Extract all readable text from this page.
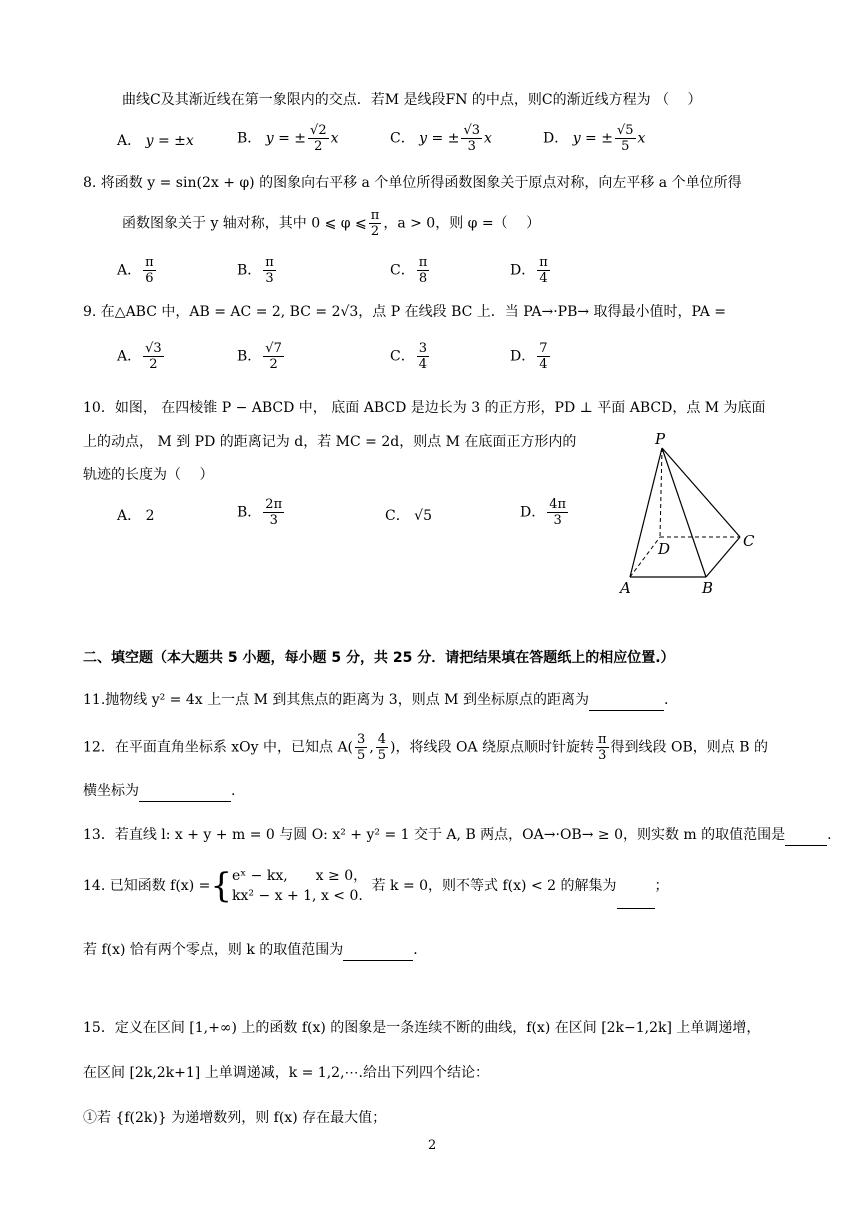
曲线C及其渐近线在第一象限内的交点．若M 是线段FN 的中点，则C的渐近线方程为 （　 ）
A． y = ±x	B． y = ± $\frac{√2}{2}$ x	C． y = ± $\frac{√3}{3}$ x	D． y = ± $\frac{√5}{5}$ x
8. 将函数 y = sin(2x + φ) 的图象向右平移 a 个单位所得函数图象关于原点对称，向左平移 a 个单位所得
函数图象关于 y 轴对称，其中 0 ⩽ φ ⩽ $\frac{\pi}{2}$ ，a > 0，则 φ =（　 ）
A． $\frac{\pi}{6}$	B． $\frac{\pi}{3}$	C． $\frac{\pi}{8}$	D． $\frac{\pi}{4}$
9. 在△ABC 中，AB = AC = 2, BC = 2√3，点 P 在线段 BC 上．当 PA→·PB→ 取得最小值时，PA =
A． $\frac{√3}{2}$	B． $\frac{√7}{2}$	C． $\frac{3}{4}$	D． $\frac{7}{4}$
10．如图， 在四棱锥 P − ABCD 中， 底面 ABCD 是边长为 3 的正方形，PD ⊥ 平面 ABCD，点 M 为底面
上的动点， M 到 PD 的距离记为 d，若 MC = 2d，则点 M 在底面正方形内的
轨迹的长度为（　 ）
A． 2	B． $\frac{2\pi}{3}$	C． √5	D． $\frac{4\pi}{3}$
P
D	C
A	B
二、填空题（本大题共 5 小题，每小题 5 分，共 25 分．请把结果填在答题纸上的相应位置.）
11.抛物线 y² = 4x 上一点 M 到其焦点的距离为 3，则点 M 到坐标原点的距离为	.
12．在平面直角坐标系 xOy 中，已知点 $A( \frac{3}{5}$ , $\frac{4}{5}$ )，将线段 OA 绕原点顺时针旋转 $\frac{\pi}{3}$ 得到线段 OB，则点 B 的
横坐标为	.
13．若直线 l: x + y + m = 0 与圆 O: x² + y² = 1 交于 A, B 两点，OA→·OB→ ≥ 0，则实数 m 的取值范围是	.
14. 已知函数 f(x) ={ eˣ − kx,　　x ≥ 0，
kx² − x + 1, x < 0.
若 k = 0，则不等式 f(x) < 2 的解集为	；
若 f(x) 恰有两个零点，则 k 的取值范围为	.
15．定义在区间 [1,+∞) 上的函数 f(x) 的图象是一条连续不断的曲线，f(x) 在区间 [2k−1,2k] 上单调递增，
在区间 [2k,2k+1] 上单调递减，k = 1,2,⋯.给出下列四个结论：
①若 {f(2k)} 为递增数列，则 f(x) 存在最大值；
2
